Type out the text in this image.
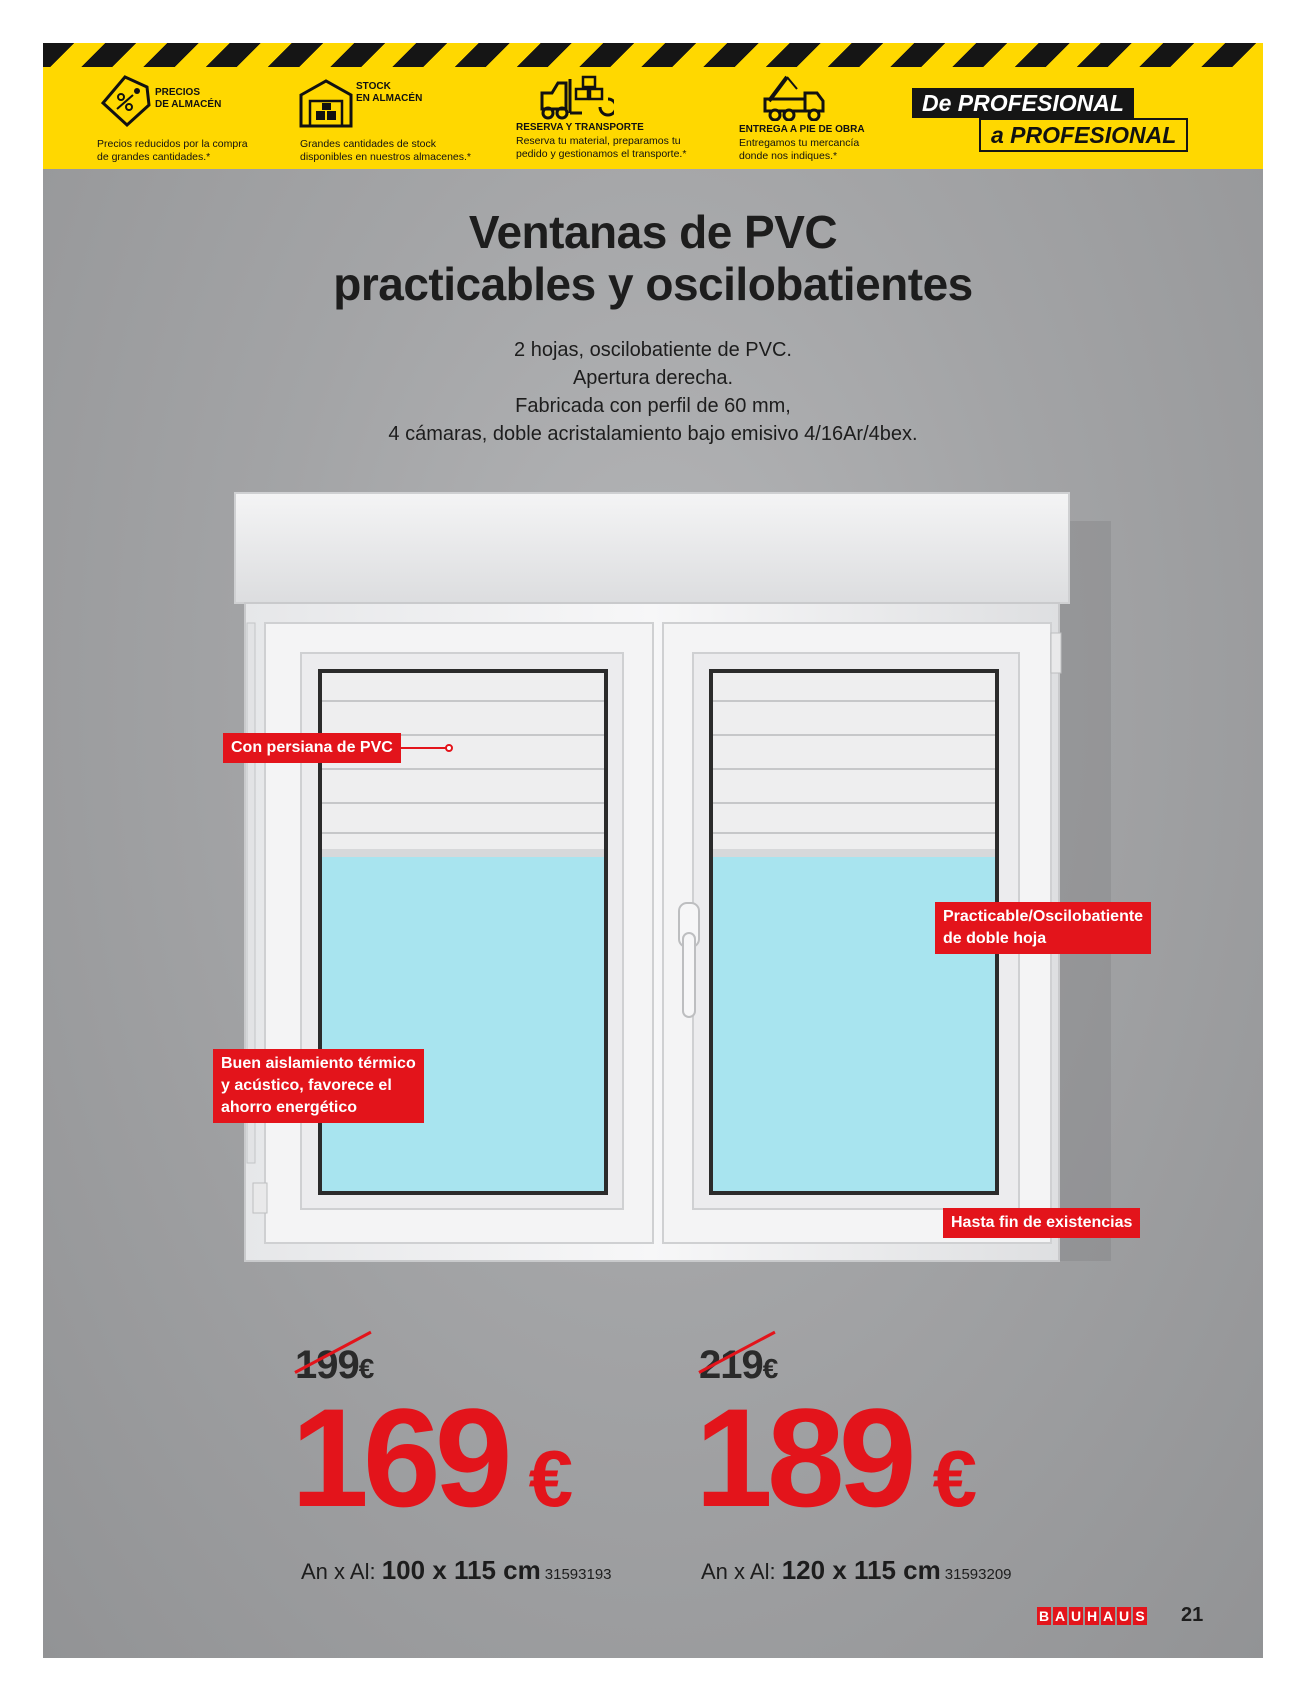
PRECIOS
DE ALMACÉN
Precios reducidos por la compra
de grandes cantidades.*
STOCK
EN ALMACÉN
Grandes cantidades de stock
disponibles en nuestros almacenes.*
RESERVA Y TRANSPORTE
Reserva tu material, preparamos tu
pedido y gestionamos el transporte.*
ENTREGA A PIE DE OBRA
Entregamos tu mercancía
donde nos indiques.*
De PROFESIONAL
a PROFESIONAL
Ventanas de PVC
practicables y oscilobatientes
2 hojas, oscilobatiente de PVC.
Apertura derecha.
Fabricada con perfil de 60 mm,
4 cámaras, doble acristalamiento bajo emisivo 4/16Ar/4bex.
Con persiana de PVC
Practicable/Oscilobatiente
de doble hoja
Buen aislamiento térmico
y acústico, favorece el
ahorro energético
Hasta fin de existencias
199€
169 €
An x Al: 100 x 115 cm 31593193
219€
189 €
An x Al: 120 x 115 cm 31593209
B A U H A U S 21
